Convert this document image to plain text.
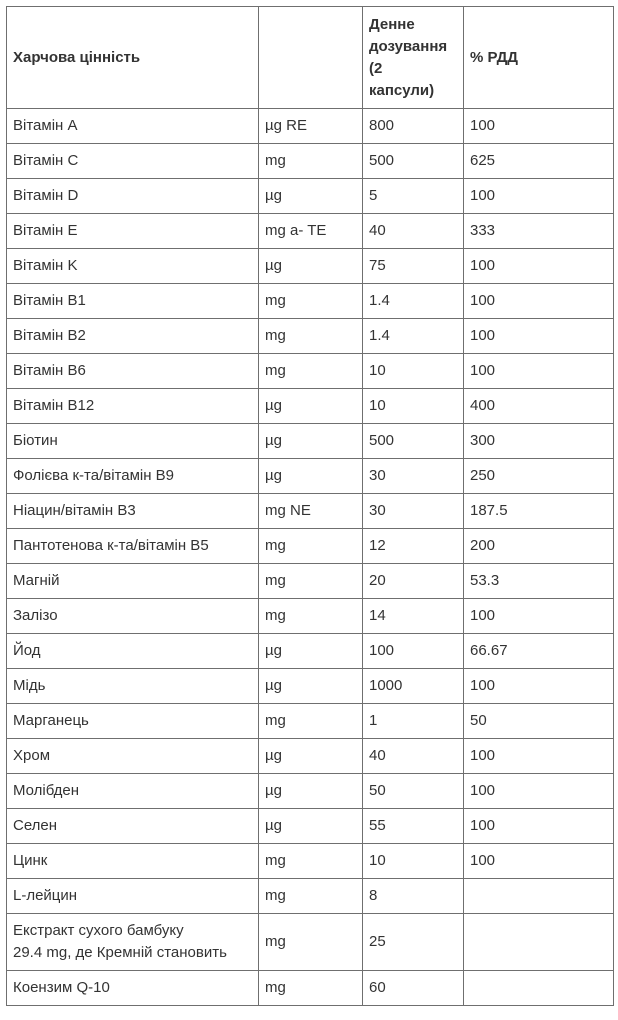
Харчова цінність		Денне
дозування
(2
капсули)	% РДД
Вітамін A	µg RE	800	100
Вітамін C	mg	500	625
Вітамін D	µg	5	100
Вітамін E	mg a- TE	40	333
Вітамін K	µg	75	100
Вітамін B1	mg	1.4	100
Вітамін B2	mg	1.4	100
Вітамін B6	mg	10	100
Вітамін B12	µg	10	400
Біотин	µg	500	300
Фолієва к-та/вітамін B9	µg	30	250
Ніацин/вітамін B3	mg NE	30	187.5
Пантотенова к-та/вітамін B5	mg	12	200
Магній	mg	20	53.3
Залізо	mg	14	100
Йод	µg	100	66.67
Мідь	µg	1000	100
Марганець	mg	1	50
Хром	µg	40	100
Молібден	µg	50	100
Селен	µg	55	100
Цинк	mg	10	100
L-лейцин	mg	8	
Екстракт сухого бамбуку
29.4 mg, де Кремній становить	mg	25	
Коензим Q-10	mg	60	
